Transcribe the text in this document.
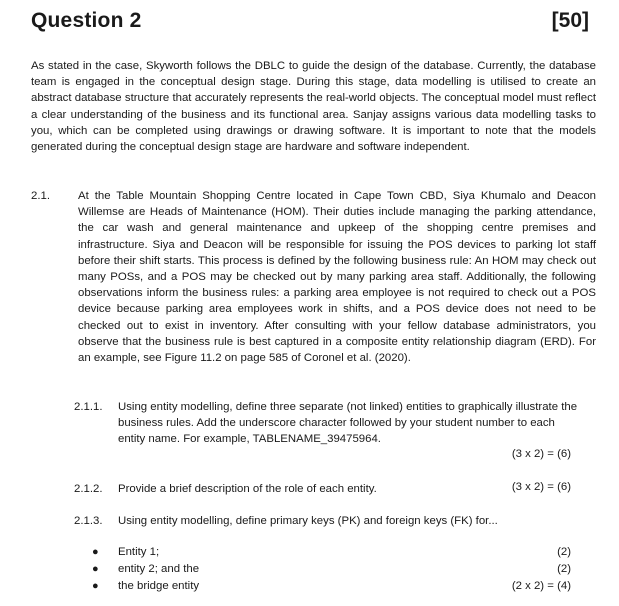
Question 2	[50]

As stated in the case, Skyworth follows the DBLC to guide the design of the database. Currently, the database team is engaged in the conceptual design stage. During this stage, data modelling is utilised to create an abstract database structure that accurately represents the real-world objects. The conceptual model must reflect a clear understanding of the business and its functional area. Sanjay assigns various data modelling tasks to you, which can be completed using drawings or drawing software. It is important to note that the models generated during the conceptual design stage are hardware and software independent.

2.1. At the Table Mountain Shopping Centre located in Cape Town CBD, Siya Khumalo and Deacon Willemse are Heads of Maintenance (HOM). Their duties include managing the parking attendance, the car wash and general maintenance and upkeep of the shopping centre premises and infrastructure. Siya and Deacon will be responsible for issuing the POS devices to parking lot staff before their shift starts. This process is defined by the following business rule: An HOM may check out many POSs, and a POS may be checked out by many parking area staff. Additionally, the following observations inform the business rules: a parking area employee is not required to check out a POS device because parking area employees work in shifts, and a POS device does not need to be checked out to exist in inventory. After consulting with your fellow database administrators, you observe that the business rule is best captured in a composite entity relationship diagram (ERD). For an example, see Figure 11.2 on page 585 of Coronel et al. (2020).

2.1.1. Using entity modelling, define three separate (not linked) entities to graphically illustrate the business rules. Add the underscore character followed by your student number to each entity name. For example, TABLENAME_39475964.
(3 x 2) = (6)
2.1.2. Provide a brief description of the role of each entity.	(3 x 2) = (6)
2.1.3. Using entity modelling, define primary keys (PK) and foreign keys (FK) for...
● Entity 1;	(2)
● entity 2; and the	(2)
● the bridge entity	(2 x 2) = (4)
